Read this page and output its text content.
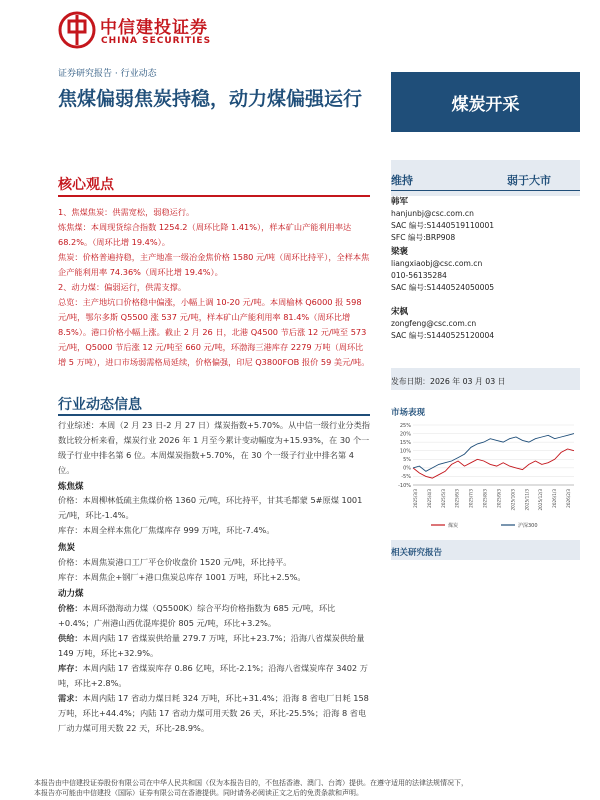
中信建投证券
CHINA SECURITIES
证券研究报告 · 行业动态
焦煤偏弱焦炭持稳，动力煤偏强运行	煤炭开采
核心观点
1、焦煤焦炭：供需宽松，弱稳运行。
炼焦煤：本周现货综合指数 1254.2（周环比降 1.41%），样本矿山产能利用率达 68.2%。（周环比增 19.4%）。
焦炭：价格普遍持稳，主产地准一级冶金焦价格 1580 元/吨（周环比持平），全样本焦企产能利用率 74.36%（周环比增 19.4%）。
2、动力煤：偏弱运行，供需支撑。
总览：主产地坑口价格稳中偏涨，小幅上调 10-20 元/吨。本周榆林 Q6000 报 598 元/吨，鄂尔多斯 Q5500 涨 537 元/吨，样本矿山产能利用率 81.4%（周环比增 8.5%）。港口价格小幅上涨。截止 2 月 26 日，北港 Q4500 节后涨 12 元/吨至 573 元/吨，Q5000 节后涨 12 元/吨至 660 元/吨，环渤海三港库存 2279 万吨（周环比增 5 万吨），进口市场弱需格局延续，价格偏强，印尼 Q3800FOB 报价 59 美元/吨。
行业动态信息
行业综述：本周（2 月 23 日-2 月 27 日）煤炭指数+5.70%。从中信一级行业分类指数比较分析来看，煤炭行业 2026 年 1 月至今累计变动幅度为+15.93%，在 30 个一级子行业中排名第 6 位。本周煤炭指数+5.70%，在 30 个一级子行业中排名第 4 位。
炼焦煤
价格：本周柳林低硫主焦煤价格 1360 元/吨，环比持平，甘其毛都蒙 5#原煤 1001 元/吨，环比-1.4%。
库存：本周全样本焦化厂焦煤库存 999 万吨，环比-7.4%。
焦炭
价格：本周焦炭港口工厂平仓价收盘价 1520 元/吨，环比持平。
库存：本周焦企+钢厂+港口焦炭总库存 1001 万吨，环比+2.5%。
动力煤
价格：本周环渤海动力煤（Q5500K）综合平均价格指数为 685 元/吨，环比+0.4%；广州港山西优混库提价 805 元/吨，环比+3.2%。
供给：本周内陆 17 省煤炭供给量 279.7 万吨，环比+23.7%；沿海八省煤炭供给量 149 万吨，环比+32.9%。
库存：本周内陆 17 省煤炭库存 0.86 亿吨，环比-2.1%；沿海八省煤炭库存 3402 万吨，环比+2.8%。
需求：本周内陆 17 省动力煤日耗 324 万吨，环比+31.4%；沿海 8 省电厂日耗 158 万吨，环比+44.4%；内陆 17 省动力煤可用天数 26 天，环比-25.5%；沿海 8 省电厂动力煤可用天数 22 天，环比-28.9%。
维持	弱于大市
韩军
hanjunbj@csc.com.cn
SAC 编号:S1440519110001
SFC 编号:BRP908
梁褒
liangxiaobj@csc.com.cn
010-56135284
SAC 编号:S1440524050005
宋枫
zongfeng@csc.com.cn
SAC 编号:S1440525120004
发布日期：2026 年 03 月 03 日
市场表现
25%
20%
15%
10%
5%
0%
-5%
-10%
2025/3/3 2025/4/3 2025/5/3 2025/6/3 2025/7/3 2025/8/3 2025/9/3 2025/10/3 2025/11/3 2025/12/3 2026/1/3 2026/2/3
煤炭	沪深300
相关研究报告
本报告由中信建投证券股份有限公司在中华人民共和国（仅为本报告目的，不包括香港、澳门、台湾）提供。在遵守适用的法律法规情况下，
本报告亦可能由中信建投（国际）证券有限公司在香港提供。同时请务必阅读正文之后的免责条款和声明。
